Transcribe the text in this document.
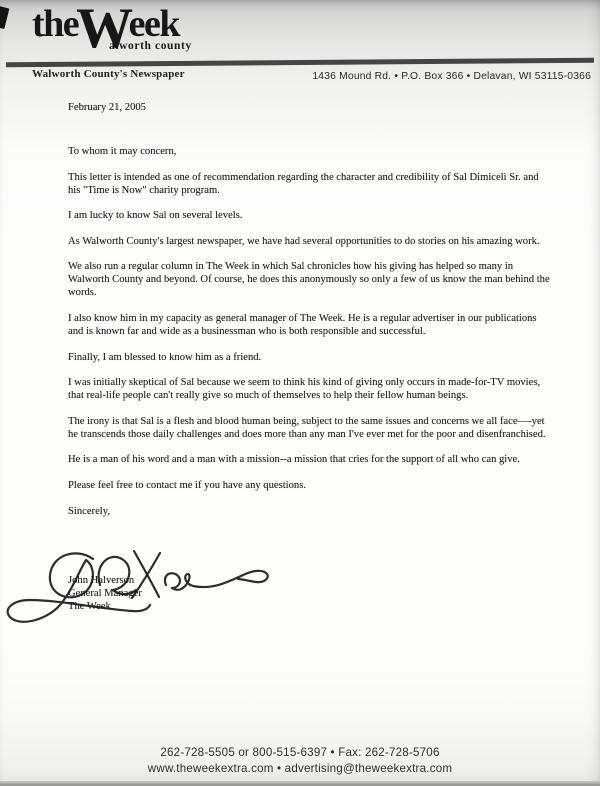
the
W
eek
alworth county
Walworth County's Newspaper	1436 Mound Rd. • P.O. Box 366 • Delavan, WI 53115-0366

February 21, 2005

To whom it may concern,

This letter is intended as one of recommendation regarding the character and credibility of Sal Dimiceli Sr. and his "Time is Now" charity program.

I am lucky to know Sal on several levels.

As Walworth County's largest newspaper, we have had several opportunities to do stories on his amazing work.

We also run a regular column in The Week in which Sal chronicles how his giving has helped so many in Walworth County and beyond. Of course, he does this anonymously so only a few of us know the man behind the words.

I also know him in my capacity as general manager of The Week. He is a regular advertiser in our publications and is known far and wide as a businessman who is both responsible and successful.

Finally, I am blessed to know him as a friend.

I was initially skeptical of Sal because we seem to think his kind of giving only occurs in made-for-TV movies, that real-life people can't really give so much of themselves to help their fellow human beings.

The irony is that Sal is a flesh and blood human being, subject to the same issues and concerns we all face—-yet he transcends those daily challenges and does more than any man I've ever met for the poor and disenfranchised.

He is a man of his word and a man with a mission--a mission that cries for the support of all who can give.

Please feel free to contact me if you have any questions.

Sincerely,

John Halverson

General Manager

The Week

262-728-5505 or 800-515-6397 • Fax: 262-728-5706

www.theweekextra.com • advertising@theweekextra.com
